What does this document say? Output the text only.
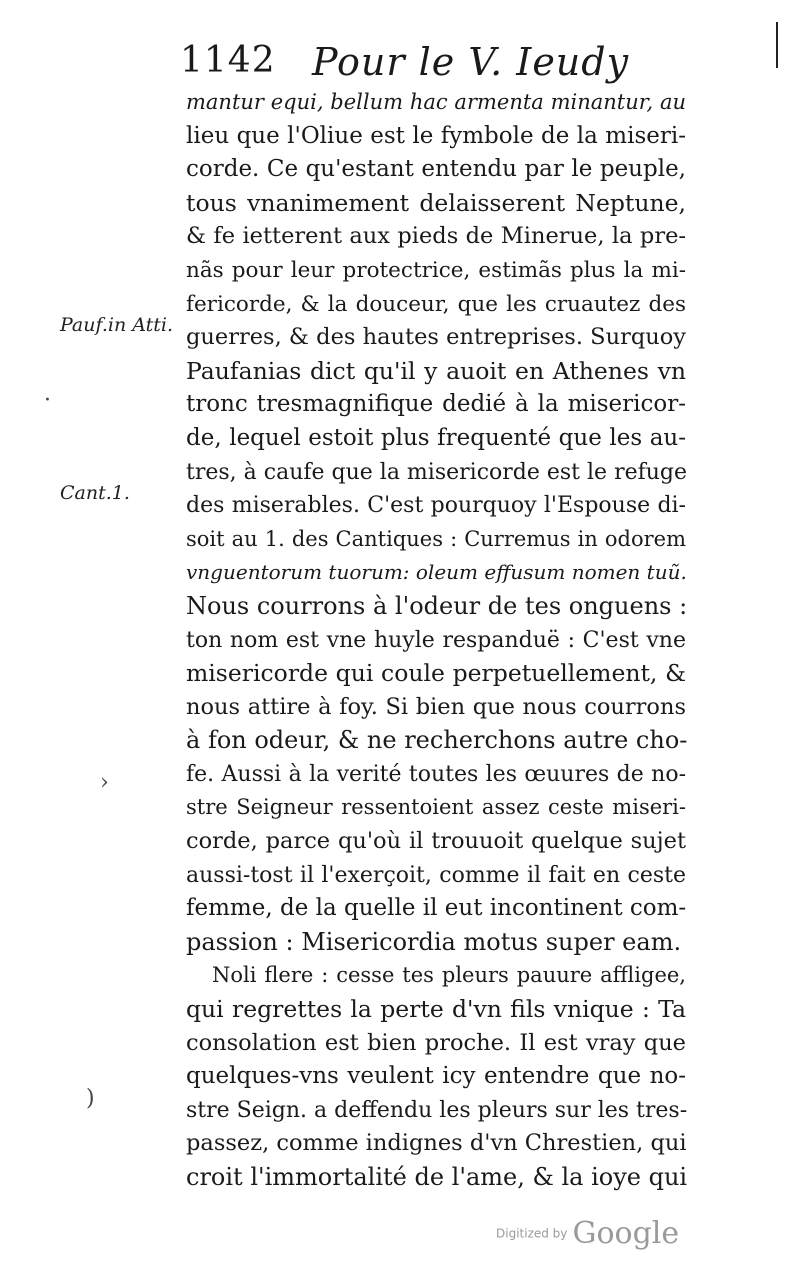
1142 Pour le V. Ieudy
Pauf.in Atti.
Cant.1.
·
›
)
mantur equi, bellum hac armenta minantur, au
lieu que l'Oliue est le fymbole de la miseri-
corde. Ce qu'estant entendu par le peuple,
tous vnanimement delaisserent Neptune,
& fe ietterent aux pieds de Minerue, la pre-
nãs pour leur protectrice, estimãs plus la mi-
fericorde, & la douceur, que les cruautez des
guerres, & des hautes entreprises. Surquoy
Paufanias dict qu'il y auoit en Athenes vn
tronc tresmagnifique dedié à la misericor-
de, lequel estoit plus frequenté que les au-
tres, à caufe que la misericorde est le refuge
des miserables. C'est pourquoy l'Espouse di-
soit au 1. des Cantiques : Curremus in odorem
vnguentorum tuorum: oleum effusum nomen tuũ.
Nous courrons à l'odeur de tes onguens :
ton nom est vne huyle respanduë : C'est vne
misericorde qui coule perpetuellement, &
nous attire à foy. Si bien que nous courrons
à fon odeur, & ne recherchons autre cho-
fe. Aussi à la verité toutes les œuures de no-
stre Seigneur ressentoient assez ceste miseri-
corde, parce qu'où il trouuoit quelque sujet
aussi-tost il l'exerçoit, comme il fait en ceste
femme, de la quelle il eut incontinent com-
passion : Misericordia motus super eam.
Noli flere : cesse tes pleurs pauure affligee,
qui regrettes la perte d'vn fils vnique : Ta
consolation est bien proche. Il est vray que
quelques-vns veulent icy entendre que no-
stre Seign. a deffendu les pleurs sur les tres-
passez, comme indignes d'vn Chrestien, qui
croit l'immortalité de l'ame, & la ioye qui
Digitized by Google
